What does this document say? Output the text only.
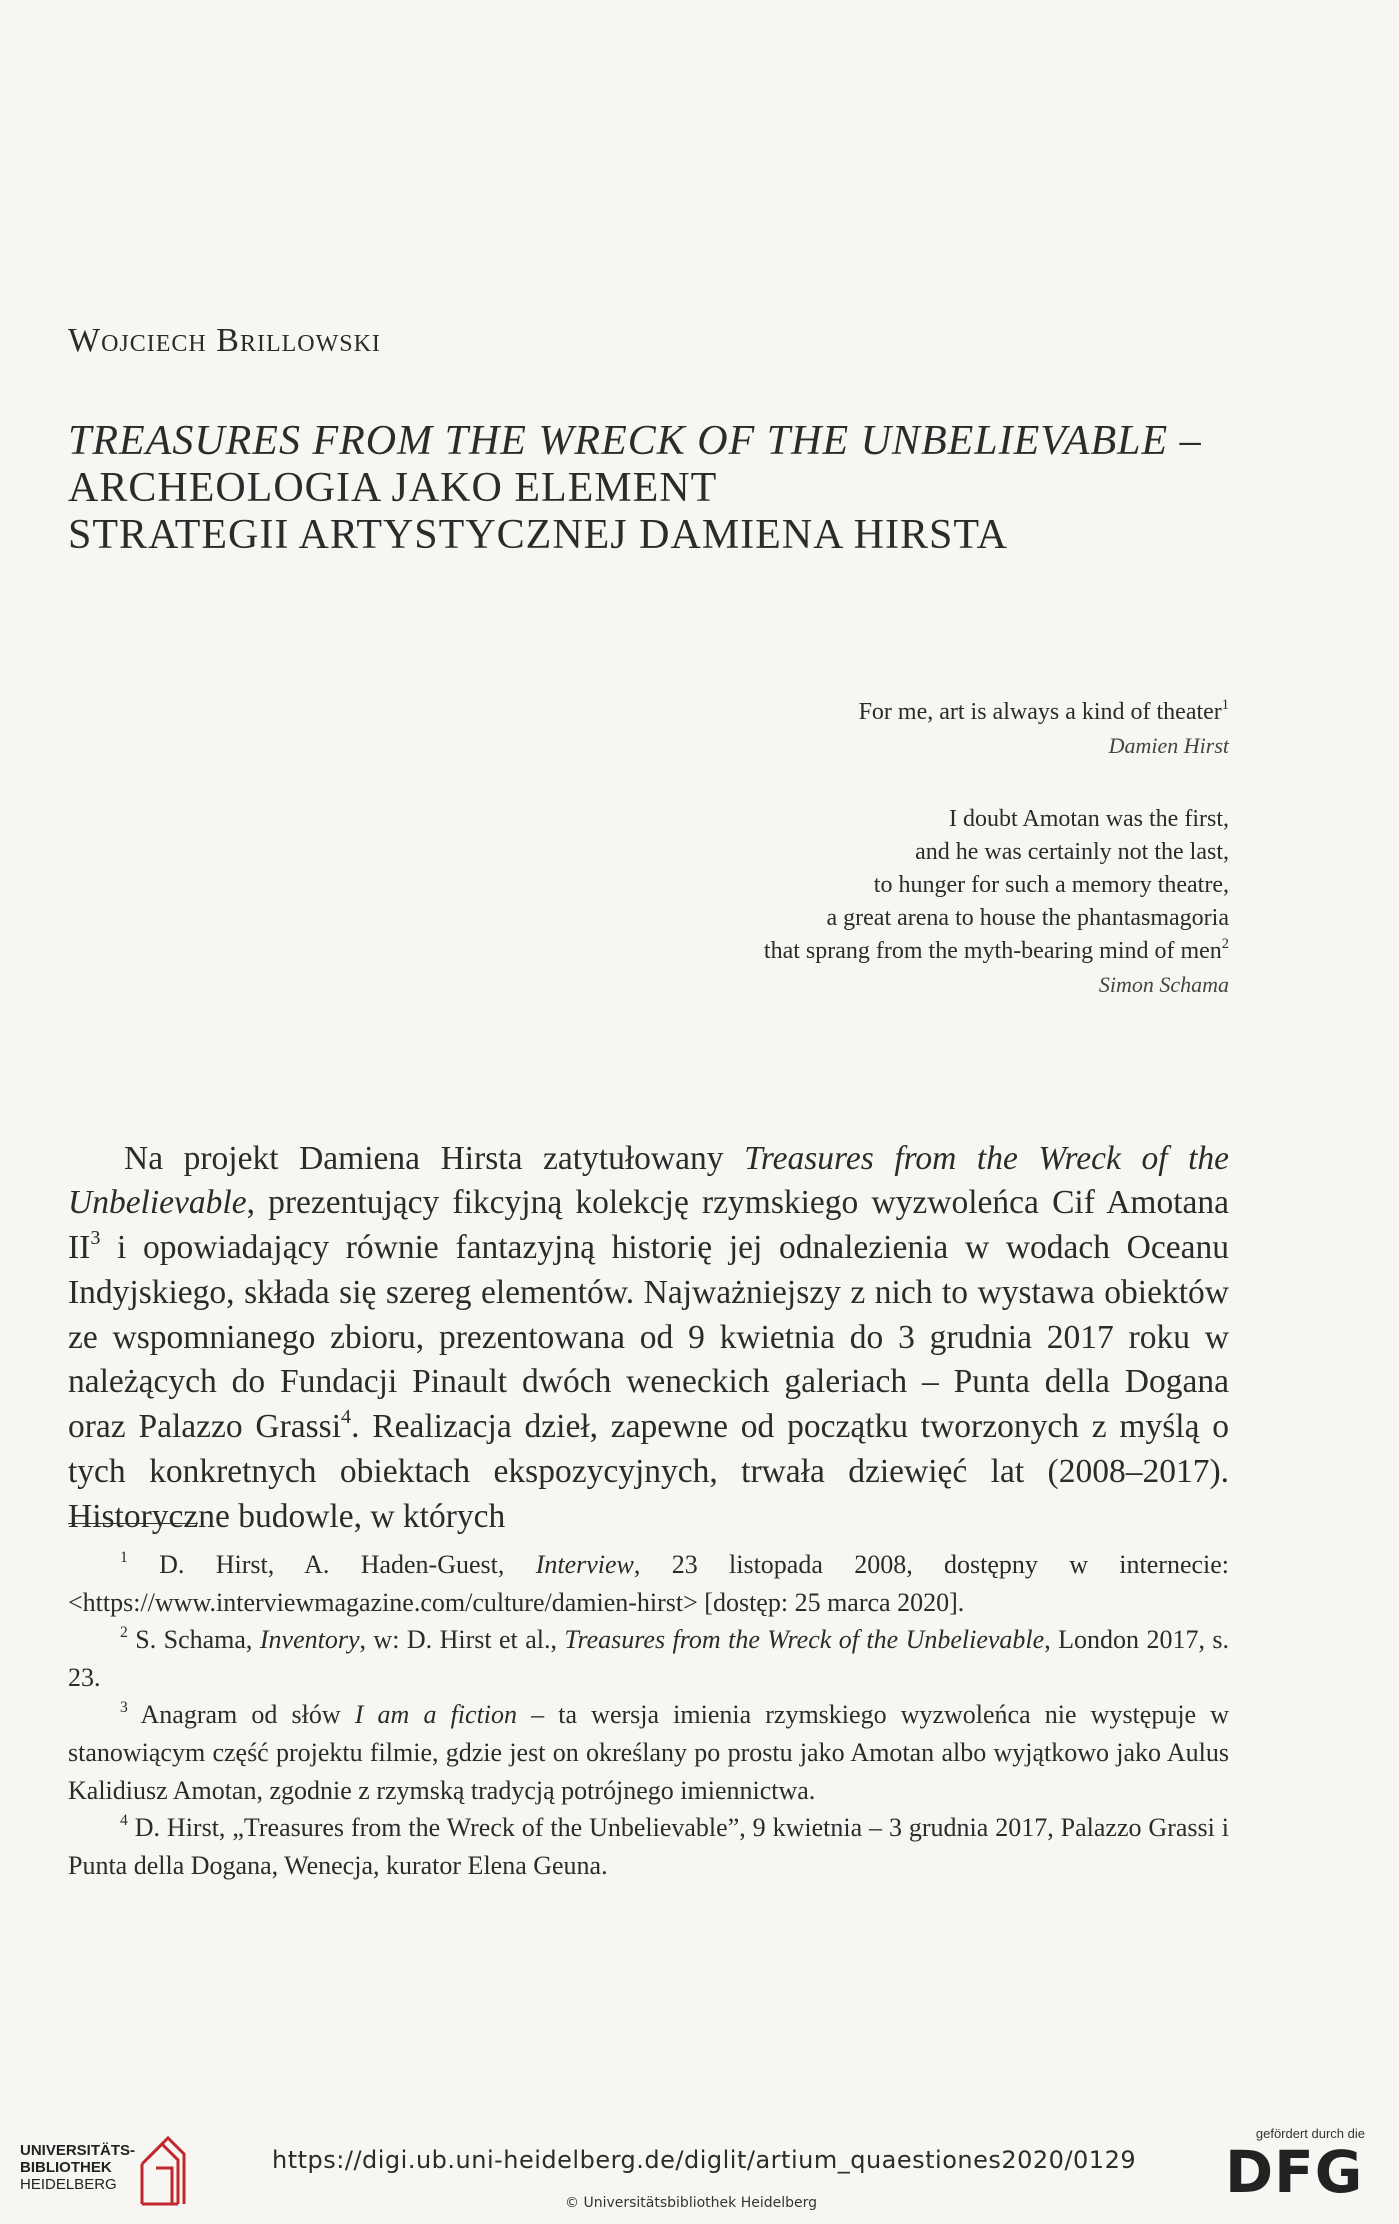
Wojciech Brillowski
TREASURES FROM THE WRECK OF THE UNBELIEVABLE –
ARCHEOLOGIA JAKO ELEMENT
STRATEGII ARTYSTYCZNEJ DAMIENA HIRSTA
For me, art is always a kind of theater$^1$
Damien Hirst
I doubt Amotan was the first,
and he was certainly not the last,
to hunger for such a memory theatre,
a great arena to house the phantasmagoria
that sprang from the myth-bearing mind of men$^2$
Simon Schama

Na projekt Damiena Hirsta zatytułowany Treasures from the Wreck of the Unbelievable, prezentujący fikcyjną kolekcję rzymskiego wyzwoleńca Cif Amotana $II^3$ i opowiadający równie fantazyjną historię jej odnalezienia w wodach Oceanu Indyjskiego, składa się szereg elementów. Najważniejszy z nich to wystawa obiektów ze wspomnianego zbioru, prezentowana od 9 kwietnia do 3 grudnia 2017 roku w należących do Fundacji Pinault dwóch weneckich galeriach – Punta della Dogana oraz Palazzo Grassi$^4$. Realizacja dzieł, zapewne od początku tworzonych z myślą o tych konkretnych obiektach ekspozycyjnych, trwała dziewięć lat (2008–2017). Historyczne budowle, w których

$^1$ D. Hirst, A. Haden-Guest, Interview, 23 listopada 2008, dostępny w internecie: <https://www.interviewmagazine.com/culture/damien-hirst> [dostęp: 25 marca 2020].

$^2$ S. Schama, Inventory, w: D. Hirst et al., Treasures from the Wreck of the Unbelievable, London 2017, s. 23.

$^3$ Anagram od słów I am a fiction – ta wersja imienia rzymskiego wyzwoleńca nie występuje w stanowiącym część projektu filmie, gdzie jest on określany po prostu jako Amotan albo wyjątkowo jako Aulus Kalidiusz Amotan, zgodnie z rzymską tradycją potrójnego imiennictwa.

$^4$ D. Hirst, „Treasures from the Wreck of the Unbelievable”, 9 kwietnia – 3 grudnia 2017, Palazzo Grassi i Punta della Dogana, Wenecja, kurator Elena Geuna.

UNIVERSITÄTS-
BIBLIOTHEK
HEIDELBERG
https://digi.ub.uni-heidelberg.de/diglit/artium_quaestiones2020/0129
© Universitätsbibliothek Heidelberg
gefördert durch die
DFG
